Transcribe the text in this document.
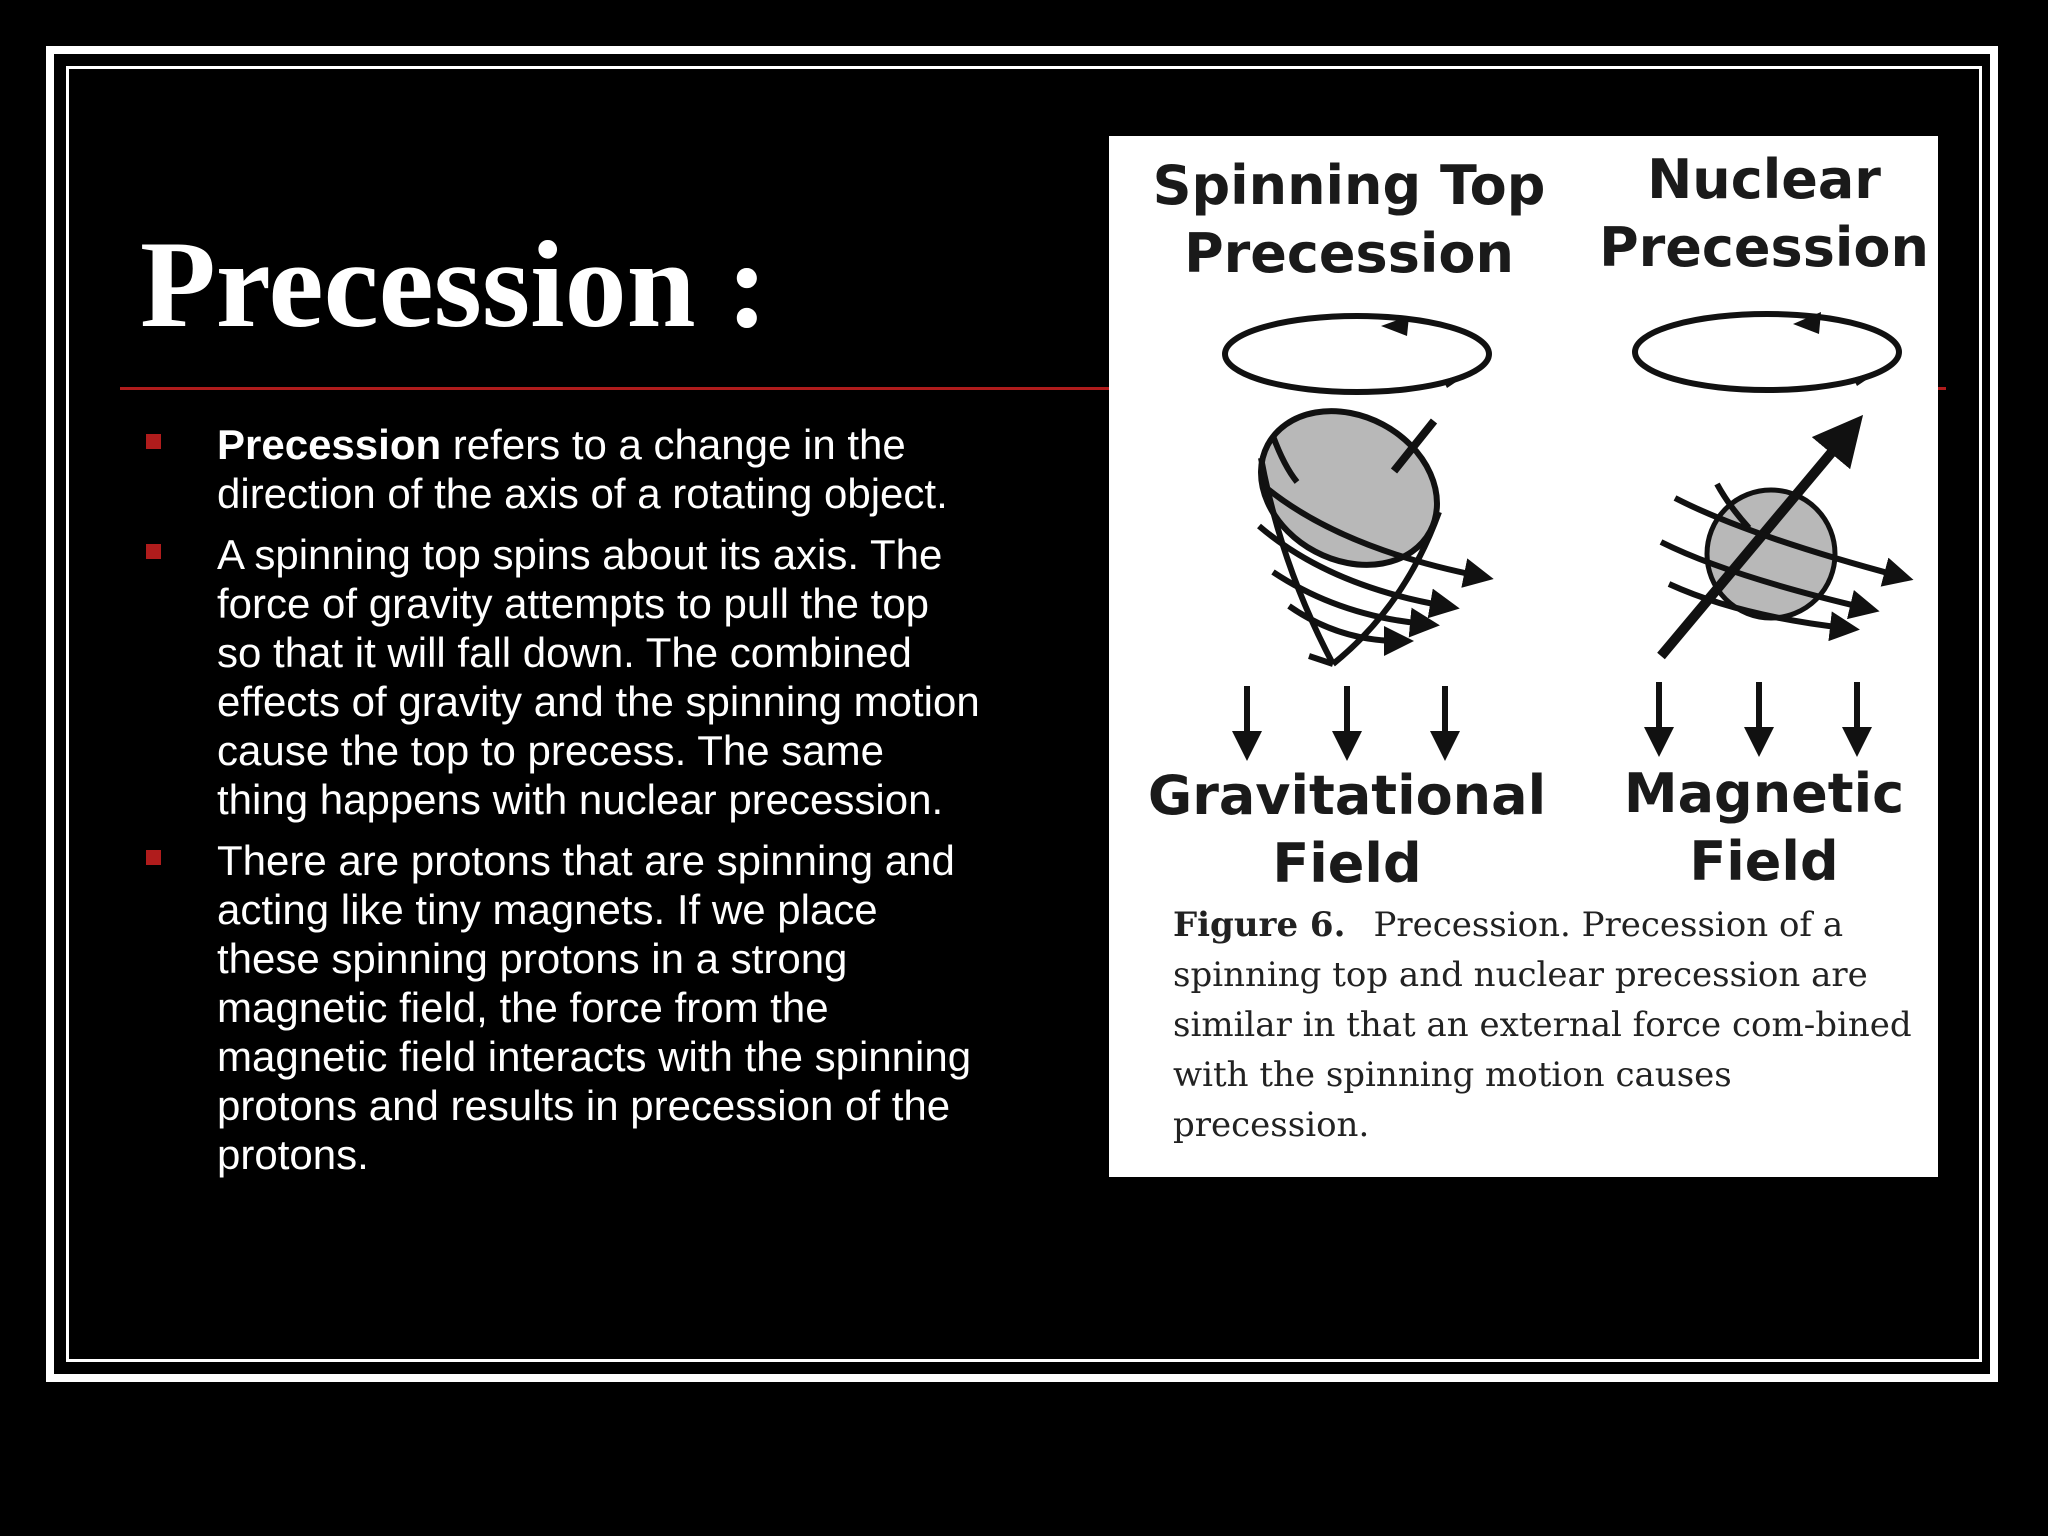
Precession :
Precession refers to a change in the direction of the axis of a rotating object.
A spinning top spins about its axis. The force of gravity attempts to pull the top so that it will fall down. The combined effects of gravity and the spinning motion cause the top to precess. The same thing happens with nuclear precession.
There are protons that are spinning and acting like tiny magnets. If we place these spinning protons in a strong magnetic field, the force from the magnetic field interacts with the spinning protons and results in precession of the protons.
Spinning Top
Precession
Nuclear
Precession
Gravitational
Field
Magnetic
Field
Figure 6. Precession. Precession of a spinning top and nuclear precession are similar in that an external force com-bined with the spinning motion causes precession.
